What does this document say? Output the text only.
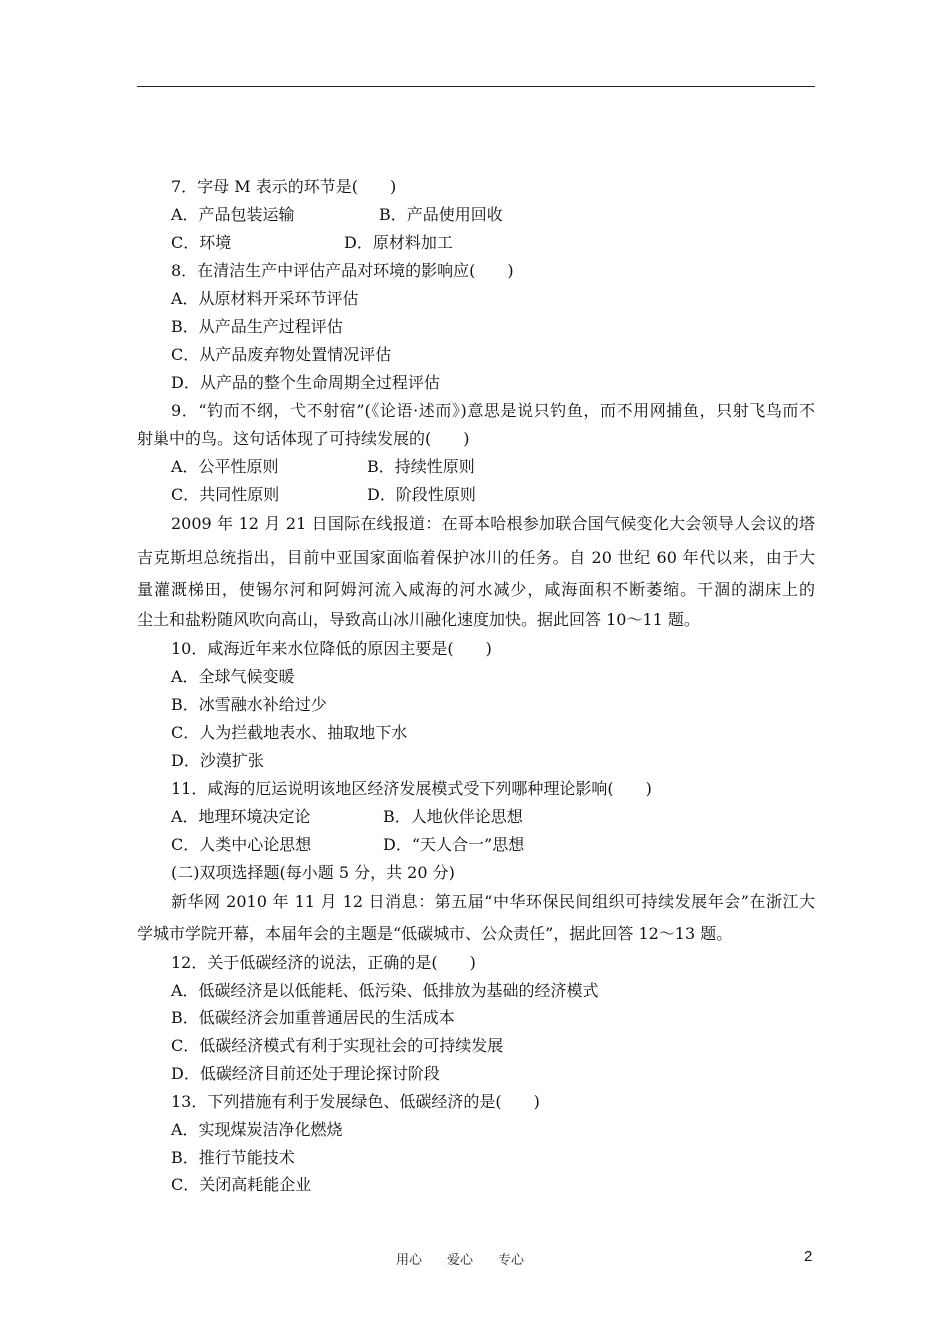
7．字母 M 表示的环节是(　　)
A．产品包装运输	B．产品使用回收
C．环境	D．原材料加工
8．在清洁生产中评估产品对环境的影响应(　　)
A．从原材料开采环节评估
B．从产品生产过程评估
C．从产品废弃物处置情况评估
D．从产品的整个生命周期全过程评估
9．“钓而不纲，弋不射宿”(《论语·述而》)意思是说只钓鱼，而不用网捕鱼，只射飞鸟而不
射巢中的鸟。这句话体现了可持续发展的(　　)
A．公平性原则	B．持续性原则
C．共同性原则	D．阶段性原则
2009 年 12 月 21 日国际在线报道：在哥本哈根参加联合国气候变化大会领导人会议的塔
吉克斯坦总统指出，目前中亚国家面临着保护冰川的任务。自 20 世纪 60 年代以来，由于大
量灌溉梯田，使锡尔河和阿姆河流入咸海的河水减少，咸海面积不断萎缩。干涸的湖床上的
尘土和盐粉随风吹向高山，导致高山冰川融化速度加快。据此回答 10～11 题。
10．咸海近年来水位降低的原因主要是(　　)
A．全球气候变暖
B．冰雪融水补给过少
C．人为拦截地表水、抽取地下水
D．沙漠扩张
11．咸海的厄运说明该地区经济发展模式受下列哪种理论影响(　　)
A．地理环境决定论	B．人地伙伴论思想
C．人类中心论思想	D．“天人合一”思想
(二)双项选择题(每小题 5 分，共 20 分)
新华网 2010 年 11 月 12 日消息：第五届“中华环保民间组织可持续发展年会”在浙江大
学城市学院开幕，本届年会的主题是“低碳城市、公众责任”，据此回答 12～13 题。
12．关于低碳经济的说法，正确的是(　　)
A．低碳经济是以低能耗、低污染、低排放为基础的经济模式
B．低碳经济会加重普通居民的生活成本
C．低碳经济模式有利于实现社会的可持续发展
D．低碳经济目前还处于理论探讨阶段
13．下列措施有利于发展绿色、低碳经济的是(　　)
A．实现煤炭洁净化燃烧
B．推行节能技术
C．关闭高耗能企业
用心 爱心 专心	2
